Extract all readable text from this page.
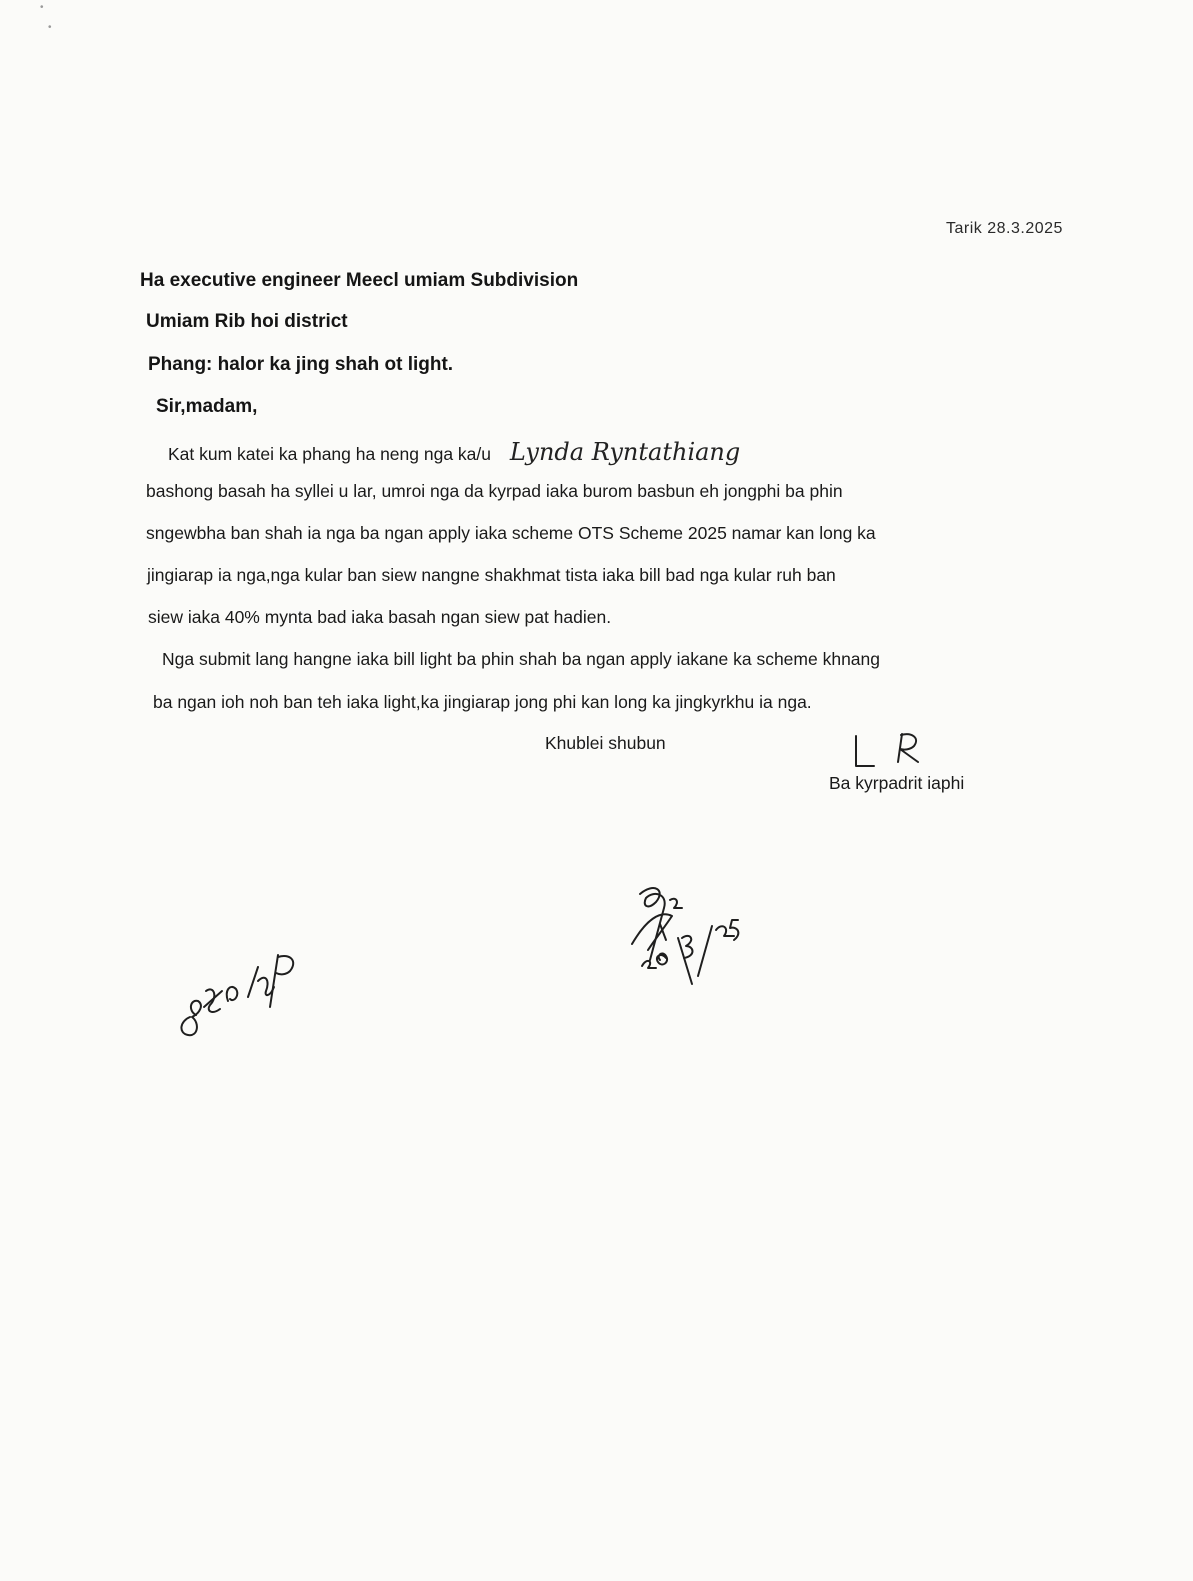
•
•
Tarik 28.3.2025
Ha executive engineer Meecl umiam Subdivision
Umiam Rib hoi district
Phang: halor ka jing shah ot light.
Sir,madam,
Kat kum katei ka phang ha neng nga ka/u Lynda Ryntathiang
bashong basah ha syllei u lar, umroi nga da kyrpad iaka burom basbun eh jongphi ba phin
sngewbha ban shah ia nga ba ngan apply iaka scheme OTS Scheme 2025 namar kan long ka
jingiarap ia nga,nga kular ban siew nangne shakhmat tista iaka bill bad nga kular ruh ban
siew iaka 40% mynta bad iaka basah ngan siew pat hadien.
Nga submit lang hangne iaka bill light ba phin shah ba ngan apply iakane ka scheme khnang
ba ngan ioh noh ban teh iaka light,ka jingiarap jong phi kan long ka jingkyrkhu ia nga.
Khublei shubun
Ba kyrpadrit iaphi
